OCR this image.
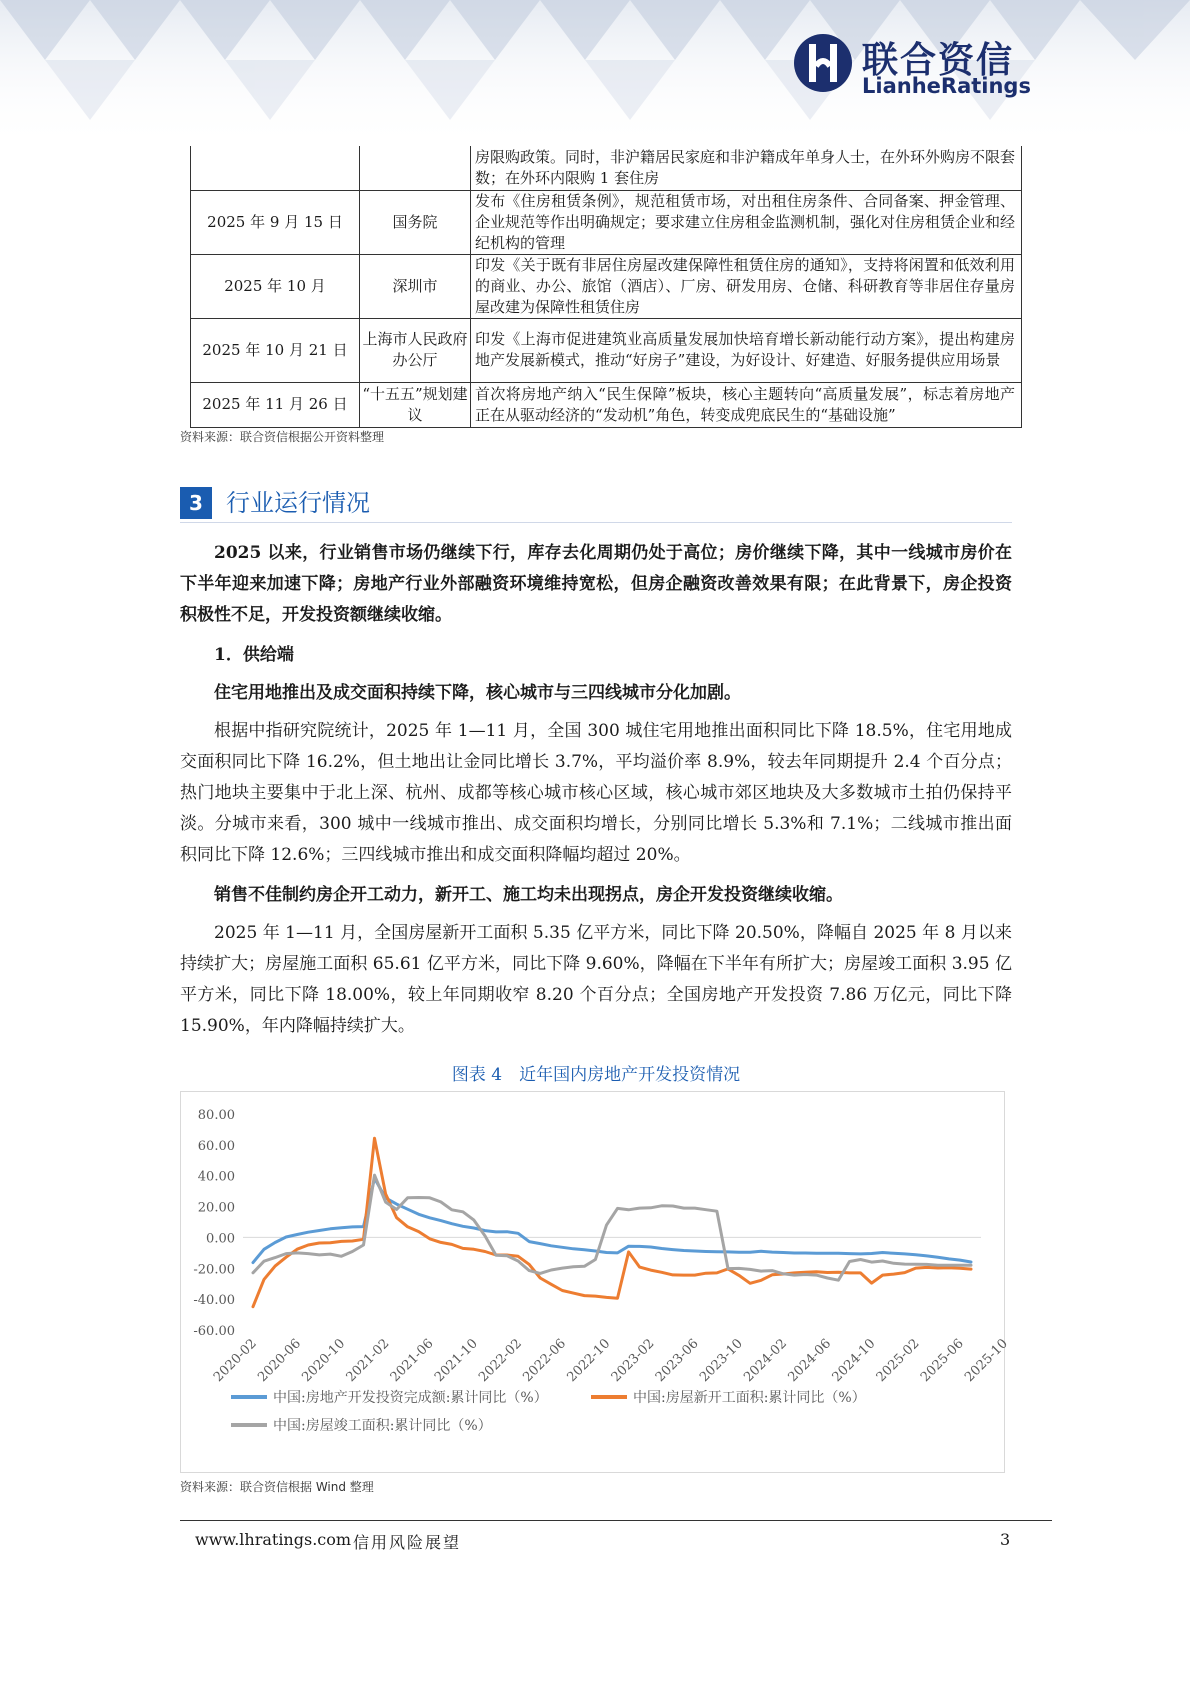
联合资信
LianheRatings
		房限购政策。同时，非沪籍居民家庭和非沪籍成年单身人士，在外环外购房不限套数；在外环内限购 1 套住房
2025 年 9 月 15 日	国务院	发布《住房租赁条例》，规范租赁市场，对出租住房条件、合同备案、押金管理、企业规范等作出明确规定；要求建立住房租金监测机制，强化对住房租赁企业和经纪机构的管理
2025 年 10 月	深圳市	印发《关于既有非居住房屋改建保障性租赁住房的通知》，支持将闲置和低效利用的商业、办公、旅馆（酒店）、厂房、研发用房、仓储、科研教育等非居住存量房屋改建为保障性租赁住房
2025 年 10 月 21 日	上海市人民政府办公厅	印发《上海市促进建筑业高质量发展加快培育增长新动能行动方案》，提出构建房地产发展新模式，推动“好房子”建设，为好设计、好建造、好服务提供应用场景
2025 年 11 月 26 日	“十五五”规划建议	首次将房地产纳入“民生保障”板块，核心主题转向“高质量发展”，标志着房地产正在从驱动经济的“发动机”角色，转变成兜底民生的“基础设施”
资料来源：联合资信根据公开资料整理
3 行业运行情况

2025 以来，行业销售市场仍继续下行，库存去化周期仍处于高位；房价继续下降，其中一线城市房价在下半年迎来加速下降；房地产行业外部融资环境维持宽松，但房企融资改善效果有限；在此背景下，房企投资积极性不足，开发投资额继续收缩。

1．供给端

住宅用地推出及成交面积持续下降，核心城市与三四线城市分化加剧。

根据中指研究院统计，2025 年 1—11 月，全国 300 城住宅用地推出面积同比下降 18.5%，住宅用地成交面积同比下降 16.2%，但土地出让金同比增长 3.7%，平均溢价率 8.9%，较去年同期提升 2.4 个百分点；热门地块主要集中于北上深、杭州、成都等核心城市核心区域，核心城市郊区地块及大多数城市土拍仍保持平淡。分城市来看，300 城中一线城市推出、成交面积均增长，分别同比增长 5.3%和 7.1%；二线城市推出面积同比下降 12.6%；三四线城市推出和成交面积降幅均超过 20%。

销售不佳制约房企开工动力，新开工、施工均未出现拐点，房企开发投资继续收缩。

2025 年 1—11 月，全国房屋新开工面积 5.35 亿平方米，同比下降 20.50%，降幅自 2025 年 8 月以来持续扩大；房屋施工面积 65.61 亿平方米，同比下降 9.60%，降幅在下半年有所扩大；房屋竣工面积 3.95 亿平方米，同比下降 18.00%，较上年同期收窄 8.20 个百分点；全国房地产开发投资 7.86 万亿元，同比下降 15.90%，年内降幅持续扩大。

图表 4　近年国内房地产开发投资情况
80.00
60.00
40.00
20.00
0.00
-20.00
-40.00
-60.00
2020-02
2020-06
2020-10
2021-02
2021-06
2021-10
2022-02
2022-06
2022-10
2023-02
2023-06
2023-10
2024-02
2024-06
2024-10
2025-02
2025-06
2025-10
中国:房地产开发投资完成额:累计同比（%）	中国:房屋新开工面积:累计同比（%）
中国:房屋竣工面积:累计同比（%）
资料来源：联合资信根据 Wind 整理
www.lhratings.com 信用风险展望	3
